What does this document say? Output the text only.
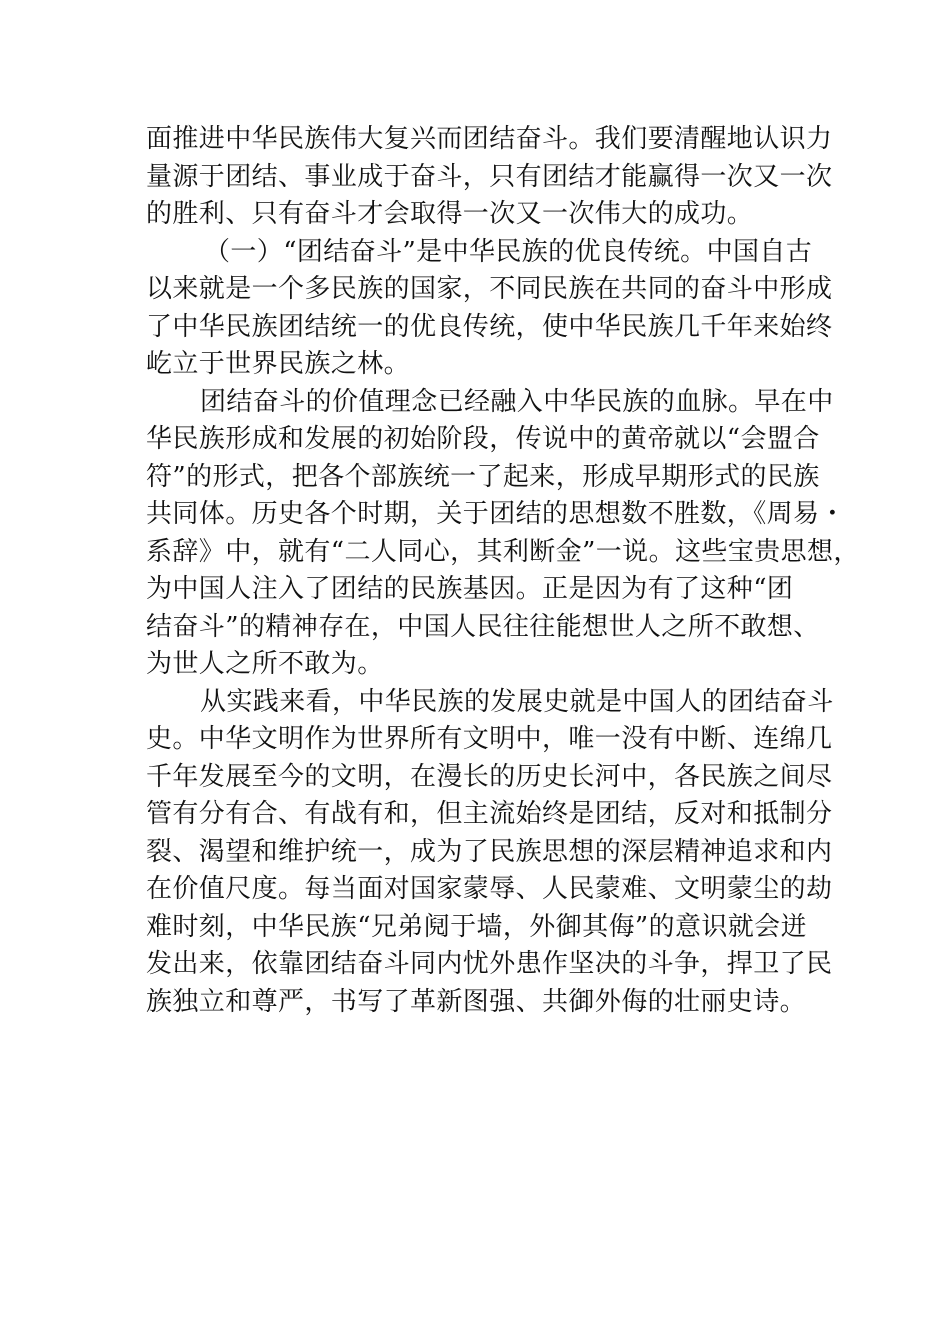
面推进中华民族伟大复兴而团结奋斗。我们要清醒地认识力
量源于团结、事业成于奋斗，只有团结才能赢得一次又一次
的胜利、只有奋斗才会取得一次又一次伟大的成功。
（一）“团结奋斗”是中华民族的优良传统。中国自古
以来就是一个多民族的国家，不同民族在共同的奋斗中形成
了中华民族团结统一的优良传统，使中华民族几千年来始终
屹立于世界民族之林。
团结奋斗的价值理念已经融入中华民族的血脉。早在中
华民族形成和发展的初始阶段，传说中的黄帝就以“会盟合
符”的形式，把各个部族统一了起来，形成早期形式的民族
共同体。历史各个时期，关于团结的思想数不胜数，《周易・
系辞》中，就有“二人同心，其利断金”一说。这些宝贵思想，
为中国人注入了团结的民族基因。正是因为有了这种“团
结奋斗”的精神存在，中国人民往往能想世人之所不敢想、
为世人之所不敢为。
从实践来看，中华民族的发展史就是中国人的团结奋斗
史。中华文明作为世界所有文明中，唯一没有中断、连绵几
千年发展至今的文明，在漫长的历史长河中，各民族之间尽
管有分有合、有战有和，但主流始终是团结，反对和抵制分
裂、渴望和维护统一，成为了民族思想的深层精神追求和内
在价值尺度。每当面对国家蒙辱、人民蒙难、文明蒙尘的劫
难时刻，中华民族“兄弟阋于墙，外御其侮”的意识就会迸
发出来，依靠团结奋斗同内忧外患作坚决的斗争，捍卫了民
族独立和尊严，书写了革新图强、共御外侮的壮丽史诗。
